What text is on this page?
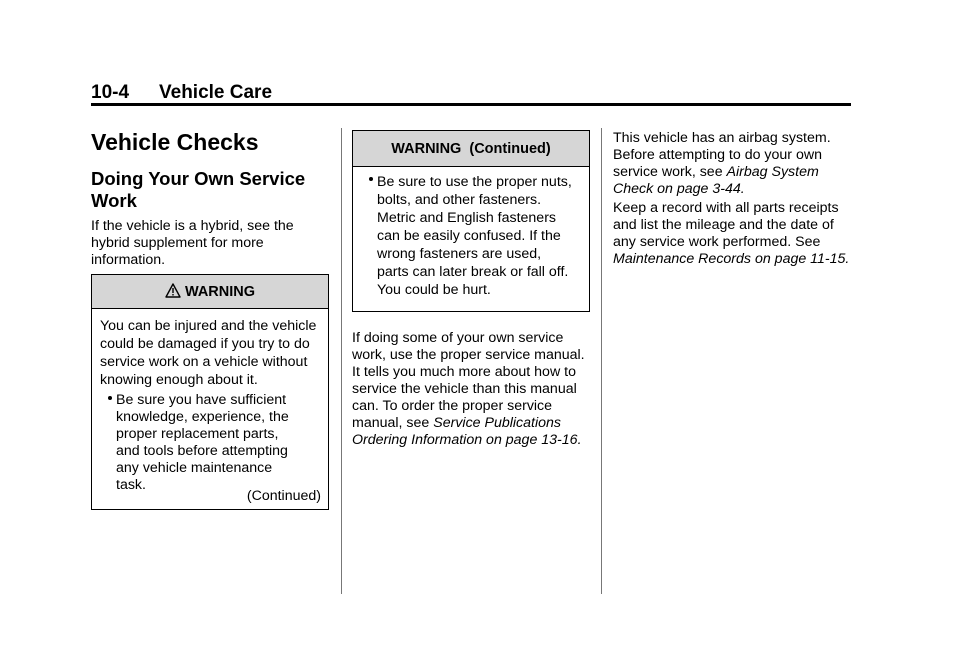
10-4 Vehicle Care
Vehicle Checks
Doing Your Own Service Work

If the vehicle is a hybrid, see the hybrid supplement for more information.

WARNING

You can be injured and the vehicle could be damaged if you try to do service work on a vehicle without knowing enough about it.

Be sure you have sufficient knowledge, experience, the proper replacement parts, and tools before attempting any vehicle maintenance task.
(Continued)
WARNING  (Continued)
Be sure to use the proper nuts, bolts, and other fasteners. Metric and English fasteners can be easily confused. If the wrong fasteners are used, parts can later break or fall off. You could be hurt.

If doing some of your own service work, use the proper service manual. It tells you much more about how to service the vehicle than this manual can. To order the proper service manual, see Service Publications Ordering Information on page 13-16.

This vehicle has an airbag system. Before attempting to do your own service work, see Airbag System Check on page 3-44.

Keep a record with all parts receipts and list the mileage and the date of any service work performed. See Maintenance Records on page 11-15.
